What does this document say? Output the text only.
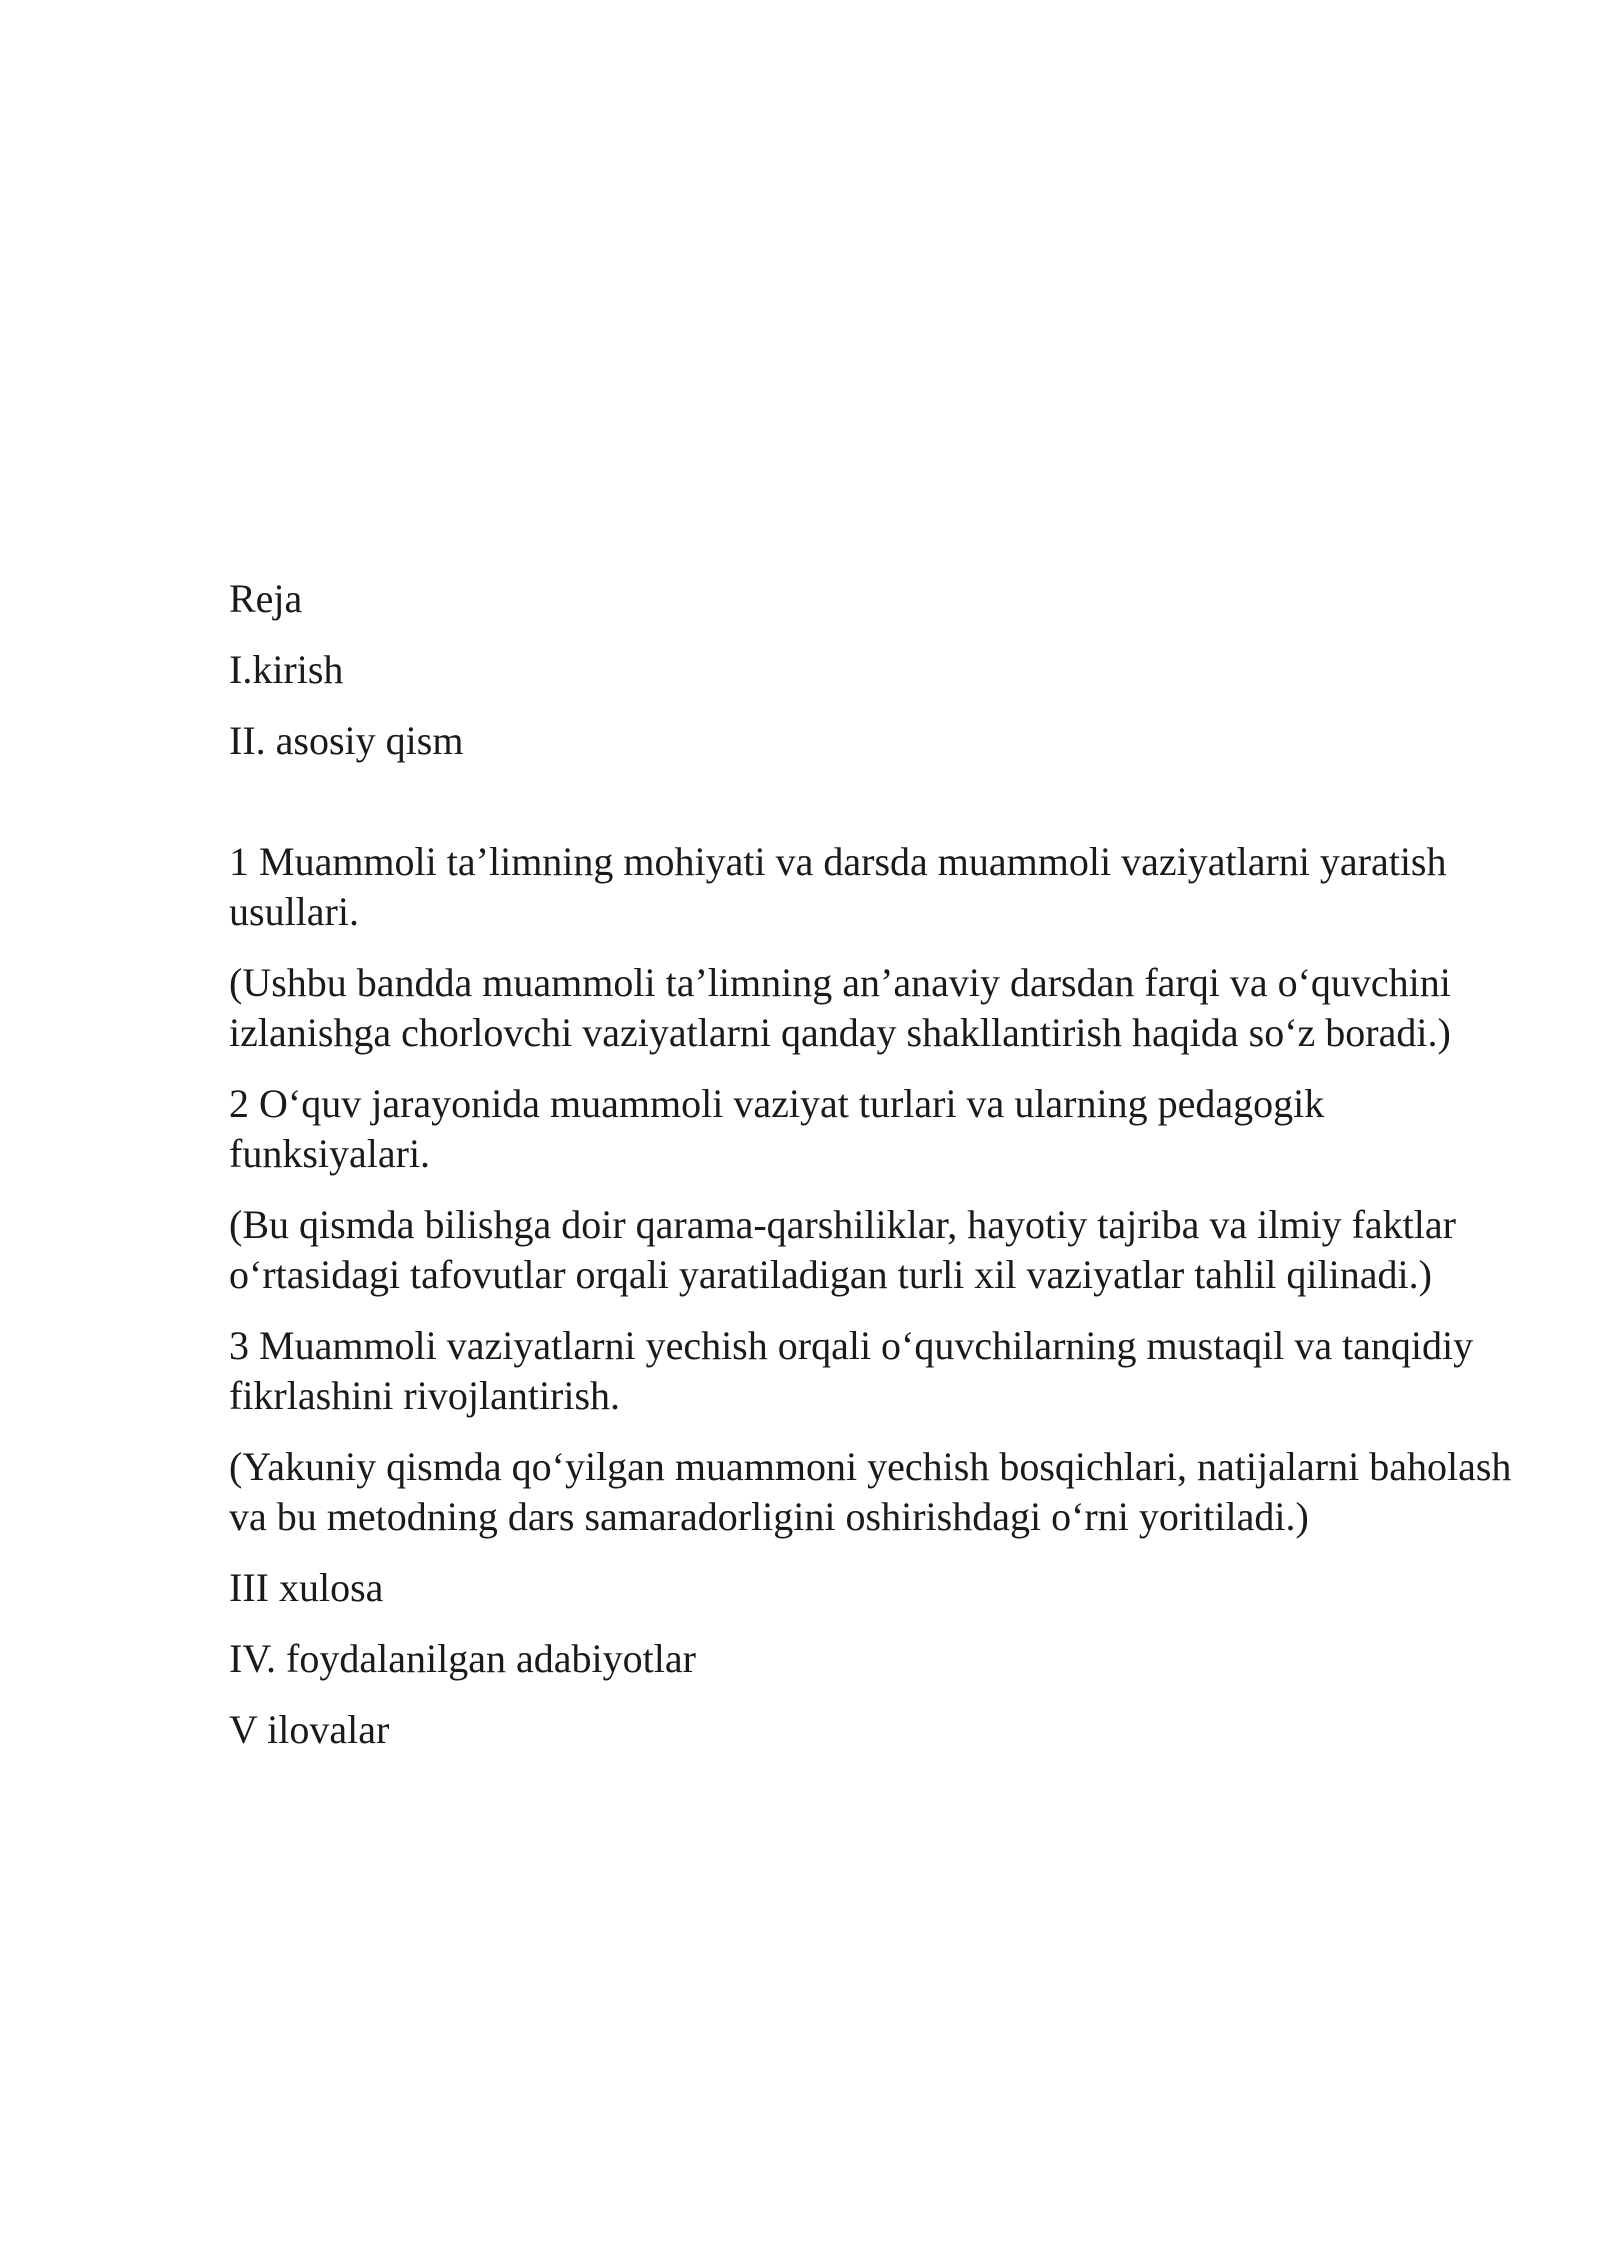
Reja

I.kirish

II. asosiy qism

1 Muammoli ta’limning mohiyati va darsda muammoli vaziyatlarni yaratish usullari.

(Ushbu bandda muammoli ta’limning an’anaviy darsdan farqi va o‘quvchini izlanishga chorlovchi vaziyatlarni qanday shakllantirish haqida so‘z boradi.)

2 O‘quv jarayonida muammoli vaziyat turlari va ularning pedagogik funksiyalari.

(Bu qismda bilishga doir qarama-qarshiliklar, hayotiy tajriba va ilmiy faktlar o‘rtasidagi tafovutlar orqali yaratiladigan turli xil vaziyatlar tahlil qilinadi.)

3 Muammoli vaziyatlarni yechish orqali o‘quvchilarning mustaqil va tanqidiy fikrlashini rivojlantirish.

(Yakuniy qismda qo‘yilgan muammoni yechish bosqichlari, natijalarni baholash va bu metodning dars samaradorligini oshirishdagi o‘rni yoritiladi.)

III xulosa

IV. foydalanilgan adabiyotlar

V ilovalar
